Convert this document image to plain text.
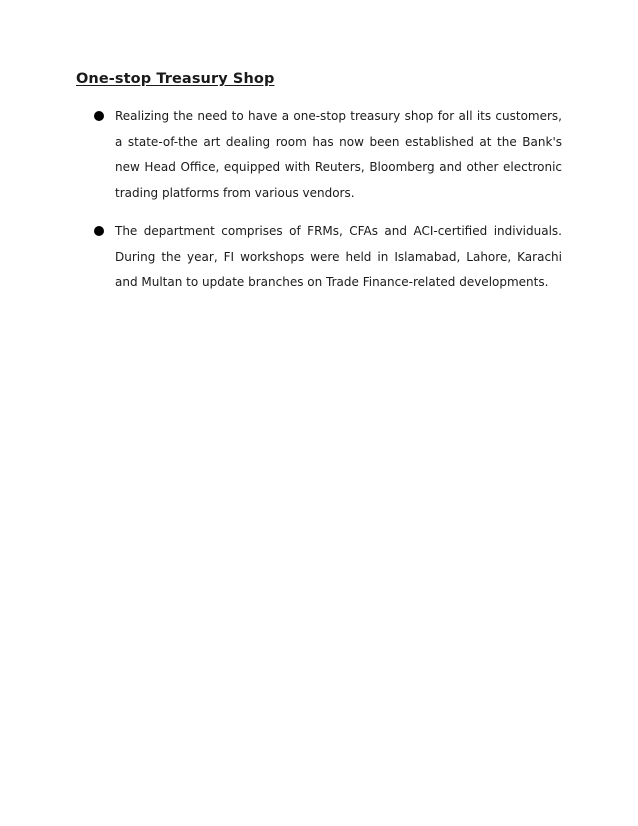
One-stop Treasury Shop
Realizing the need to have a one-stop treasury shop for all its customers, a state-of-the art dealing room has now been established at the Bank's new Head Office, equipped with Reuters, Bloomberg and other electronic trading platforms from various vendors.
The department comprises of FRMs, CFAs and ACI-certified individuals. During the year, FI workshops were held in Islamabad, Lahore, Karachi and Multan to update branches on Trade Finance-related developments.
